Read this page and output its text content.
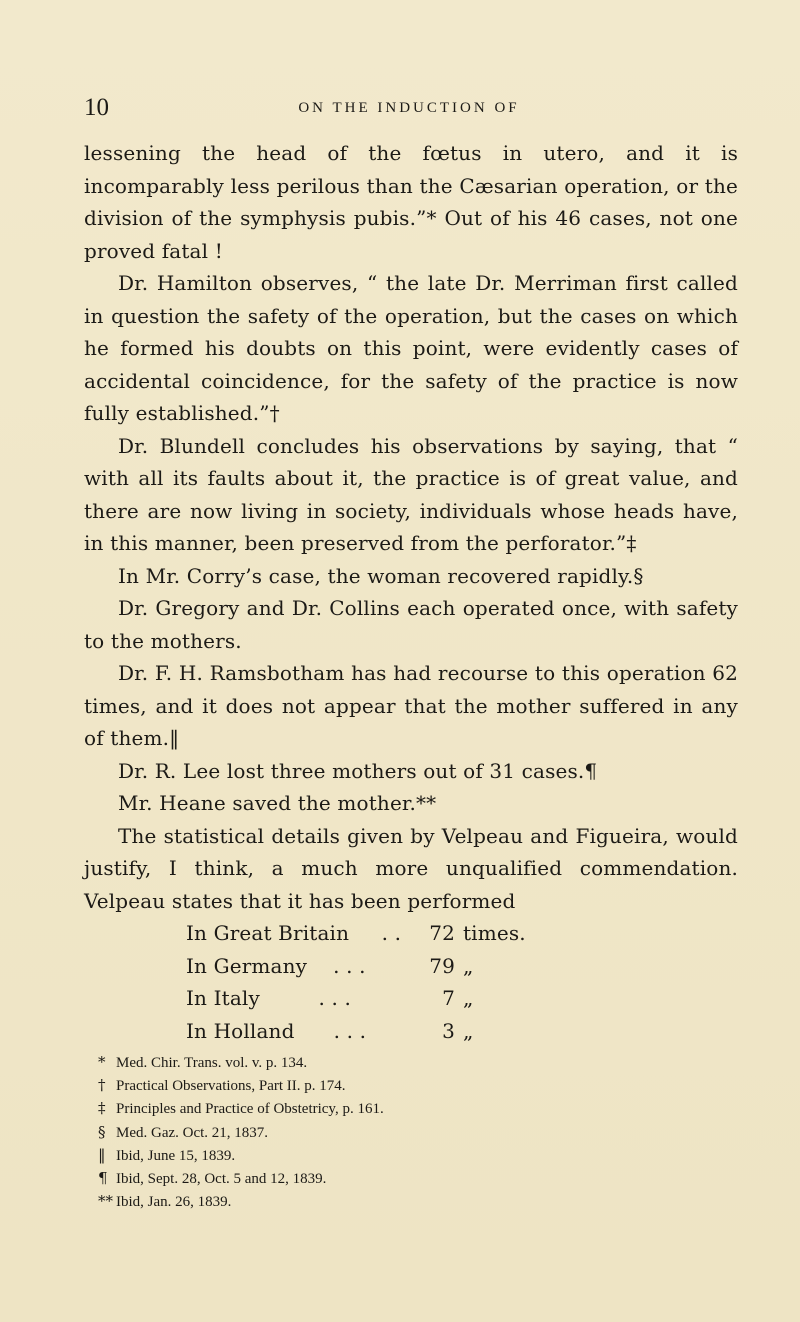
10	ON THE INDUCTION OF

lessening the head of the fœtus in utero, and it is incomparably less perilous than the Cæsarian operation, or the division of the symphysis pubis.”* Out of his 46 cases, not one proved fatal !

Dr. Hamilton observes, “ the late Dr. Merriman first called in question the safety of the operation, but the cases on which he formed his doubts on this point, were evidently cases of accidental coincidence, for the safety of the practice is now fully established.”†

Dr. Blundell concludes his observations by saying, that “ with all its faults about it, the practice is of great value, and there are now living in society, individuals whose heads have, in this manner, been preserved from the perforator.”‡

In Mr. Corry’s case, the woman recovered rapidly.§

Dr. Gregory and Dr. Collins each operated once, with safety to the mothers.

Dr. F. H. Ramsbotham has had recourse to this operation 62 times, and it does not appear that the mother suffered in any of them.‖

Dr. R. Lee lost three mothers out of 31 cases.¶

Mr. Heane saved the mother.**

The statistical details given by Velpeau and Figueira, would justify, I think, a much more unqualified commendation. Velpeau states that it has been performed

In Great Britain . .	72 times.
In Germany . . .	79 „
In Italy	. . .	7 „
In Holland . . .	3 „

* Med. Chir. Trans. vol. v. p. 134.

† Practical Observations, Part II. p. 174.

‡ Principles and Practice of Obstetricy, p. 161.

§ Med. Gaz. Oct. 21, 1837.

‖ Ibid, June 15, 1839.

¶ Ibid, Sept. 28, Oct. 5 and 12, 1839.

** Ibid, Jan. 26, 1839.
